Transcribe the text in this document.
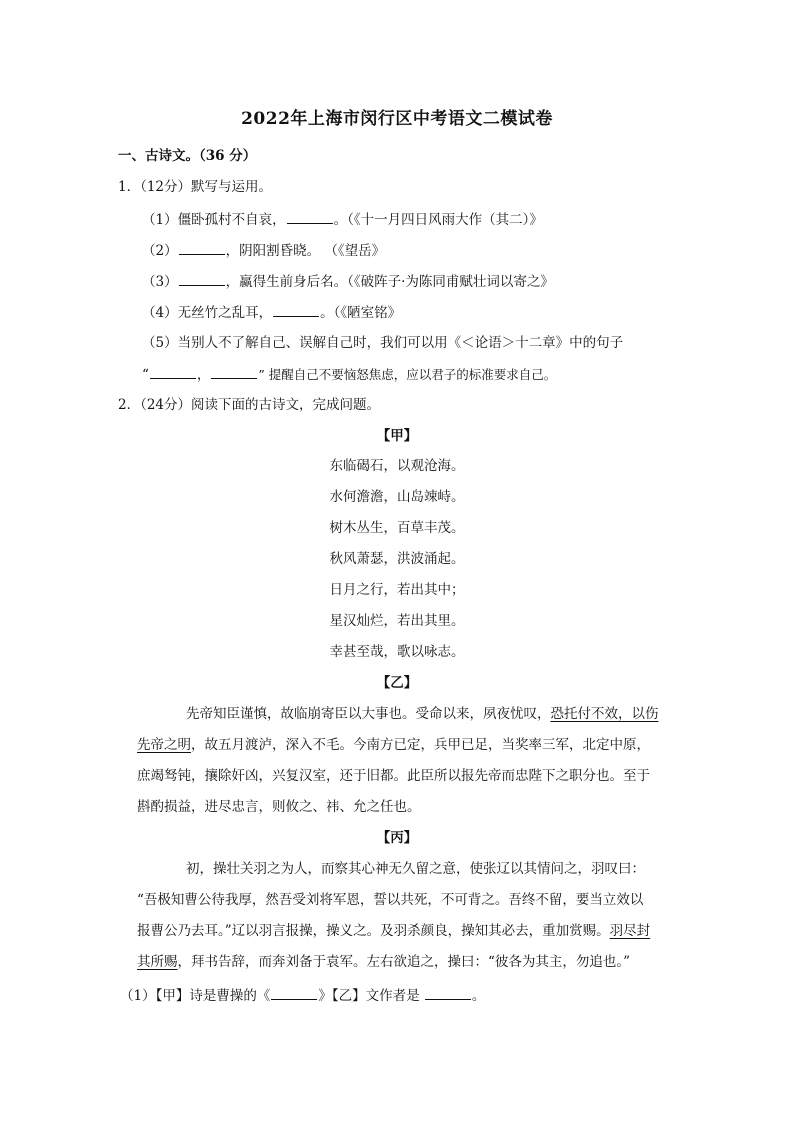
2022年上海市闵行区中考语文二模试卷
一、古诗文。（36 分）
1．（12分）默写与运用。
（1）僵卧孤村不自哀，	。（《十一月四日风雨大作（其二）》
（2）	，阴阳割昏晓。 （《望岳》
（3）	，赢得生前身后名。（《破阵子·为陈同甫赋壮词以寄之》
（4）无丝竹之乱耳，	。（《陋室铭》
（5）当别人不了解自己、误解自己时，我们可以用《＜论语＞十二章》中的句子
“	，	” 提醒自己不要恼怒焦虑，应以君子的标准要求自己。
2．（24分）阅读下面的古诗文，完成问题。
【甲】
东临碣石，以观沧海。
水何澹澹，山岛竦峙。
树木丛生，百草丰茂。
秋风萧瑟，洪波涌起。
日月之行，若出其中；
星汉灿烂，若出其里。
幸甚至哉，歌以咏志。
【乙】
先帝知臣谨慎，故临崩寄臣以大事也。受命以来，夙夜忧叹，恐托付不效，以伤
先帝之明，故五月渡泸，深入不毛。今南方已定，兵甲已足，当奖率三军，北定中原，
庶竭驽钝，攘除奸凶，兴复汉室，还于旧都。此臣所以报先帝而忠陛下之职分也。至于
斟酌损益，进尽忠言，则攸之、祎、允之任也。
【丙】
初，操壮关羽之为人，而察其心神无久留之意，使张辽以其情问之，羽叹曰：
“吾极知曹公待我厚，然吾受刘将军恩，誓以共死，不可背之。吾终不留，要当立效以
报曹公乃去耳。”辽以羽言报操，操义之。及羽杀颜良，操知其必去，重加赏赐。羽尽封
其所赐，拜书告辞，而奔刘备于袁军。左右欲追之，操曰：“彼各为其主，勿追也。”
（1）【甲】诗是曹操的《	》【乙】文作者是	。
